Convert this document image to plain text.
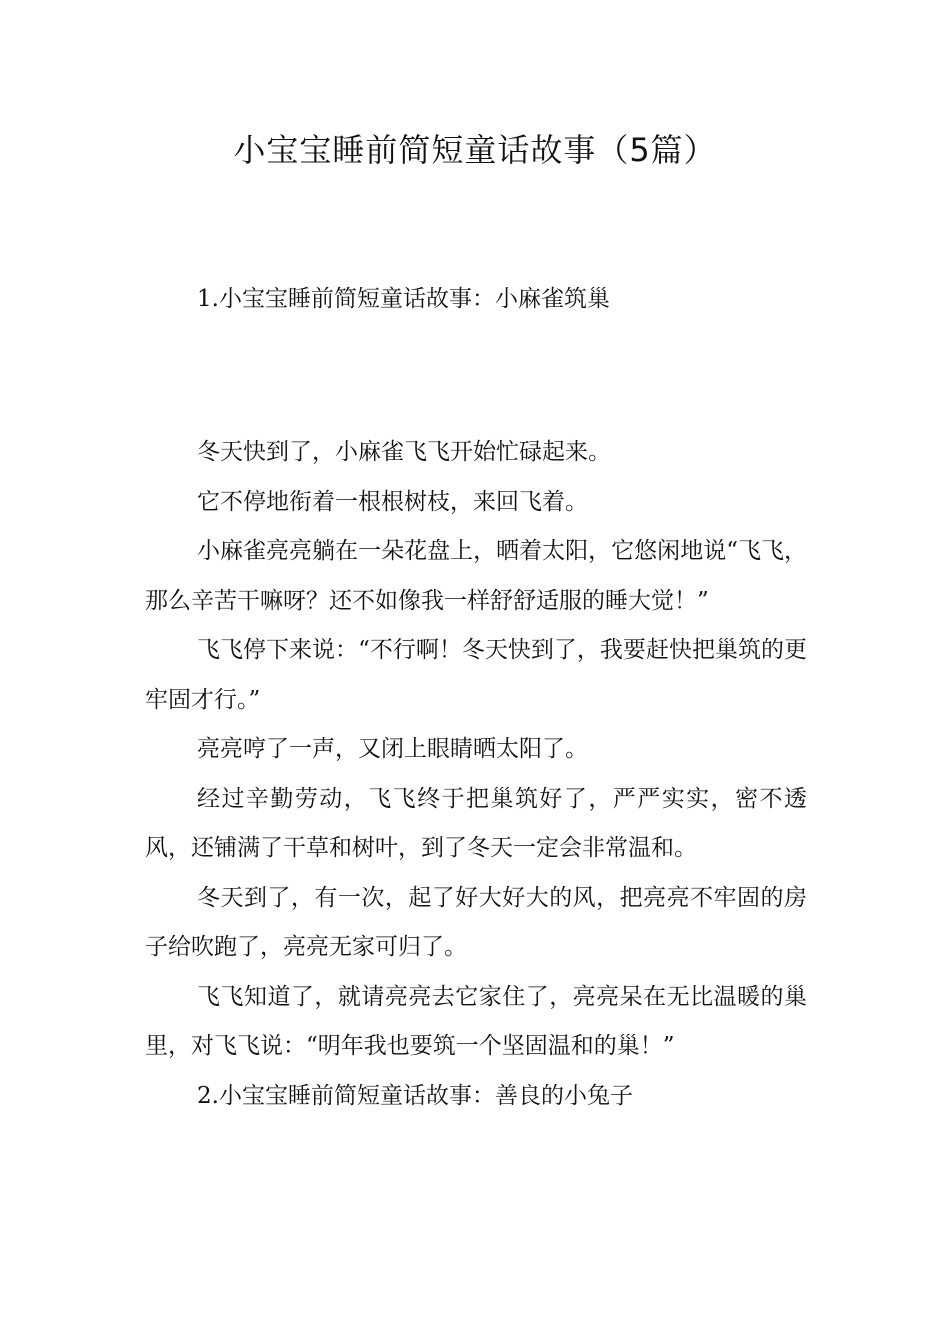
小宝宝睡前简短童话故事（5篇）
1.小宝宝睡前简短童话故事：小麻雀筑巢

冬天快到了，小麻雀飞飞开始忙碌起来。

它不停地衔着一根根树枝，来回飞着。

小麻雀亮亮躺在一朵花盘上，晒着太阳，它悠闲地说“飞飞，那么辛苦干嘛呀？还不如像我一样舒舒适服的睡大觉！”

飞飞停下来说：“不行啊！冬天快到了，我要赶快把巢筑的更牢固才行。”

亮亮哼了一声，又闭上眼睛晒太阳了。

经过辛勤劳动，飞飞终于把巢筑好了，严严实实，密不透风，还铺满了干草和树叶，到了冬天一定会非常温和。

冬天到了，有一次，起了好大好大的风，把亮亮不牢固的房子给吹跑了，亮亮无家可归了。

飞飞知道了，就请亮亮去它家住了，亮亮呆在无比温暖的巢里，对飞飞说：“明年我也要筑一个坚固温和的巢！”

2.小宝宝睡前简短童话故事：善良的小兔子
